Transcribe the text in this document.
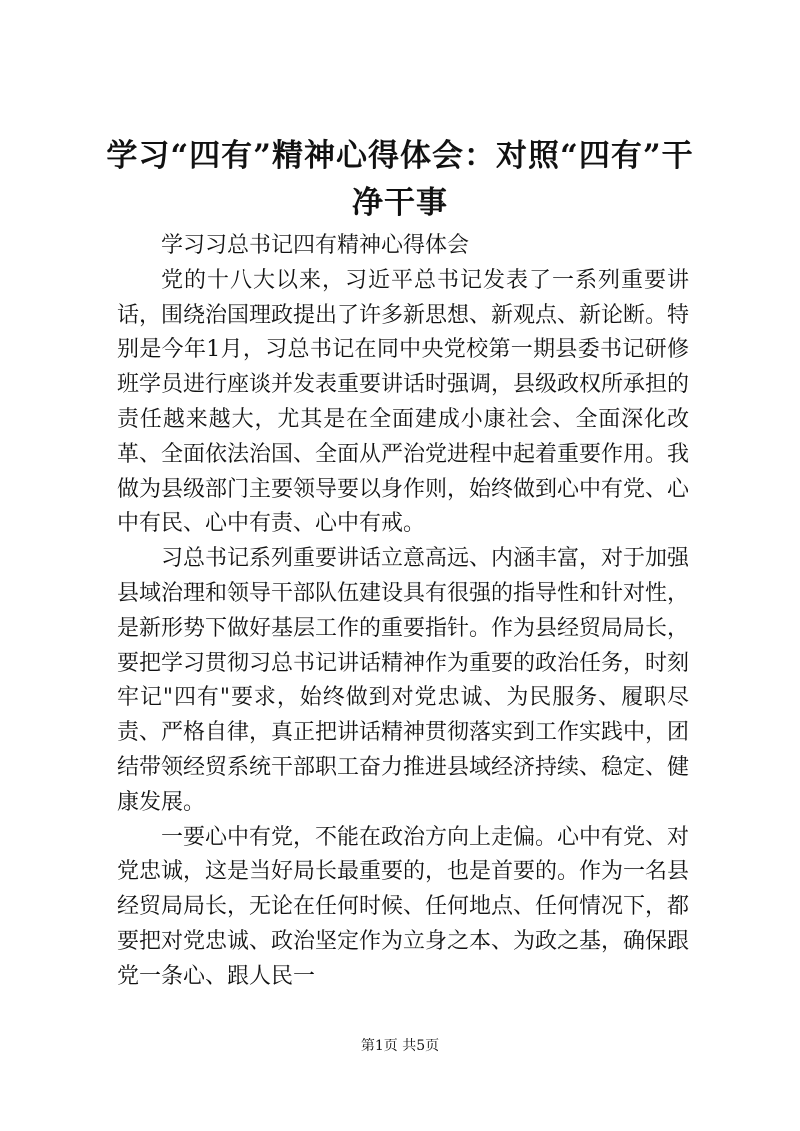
学习“四有”精神心得体会：对照“四有”干净干事

学习习总书记四有精神心得体会

党的十八大以来，习近平总书记发表了一系列重要讲话，围绕治国理政提出了许多新思想、新观点、新论断。特别是今年1月，习总书记在同中央党校第一期县委书记研修班学员进行座谈并发表重要讲话时强调，县级政权所承担的责任越来越大，尤其是在全面建成小康社会、全面深化改革、全面依法治国、全面从严治党进程中起着重要作用。我做为县级部门主要领导要以身作则，始终做到心中有党、心中有民、心中有责、心中有戒。

习总书记系列重要讲话立意高远、内涵丰富，对于加强县域治理和领导干部队伍建设具有很强的指导性和针对性，是新形势下做好基层工作的重要指针。作为县经贸局局长，要把学习贯彻习总书记讲话精神作为重要的政治任务，时刻牢记"四有"要求，始终做到对党忠诚、为民服务、履职尽责、严格自律，真正把讲话精神贯彻落实到工作实践中，团结带领经贸系统干部职工奋力推进县域经济持续、稳定、健康发展。

一要心中有党，不能在政治方向上走偏。心中有党、对党忠诚，这是当好局长最重要的，也是首要的。作为一名县经贸局局长，无论在任何时候、任何地点、任何情况下，都要把对党忠诚、政治坚定作为立身之本、为政之基，确保跟党一条心、跟人民一

第1页 共5页
